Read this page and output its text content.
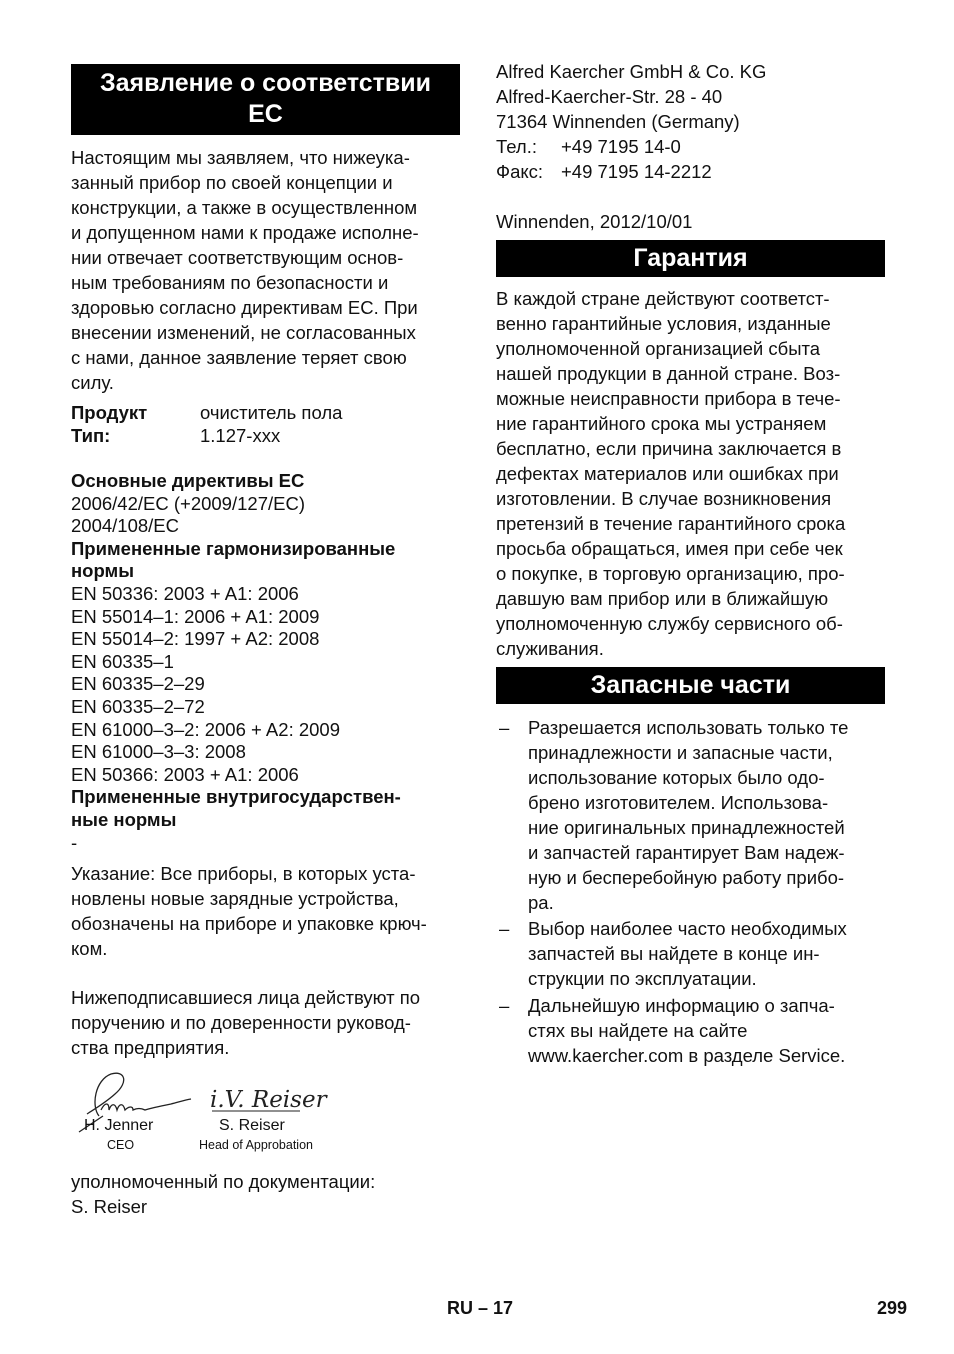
Заявление о соответствии
ЕС
Настоящим мы заявляем, что нижеука-
занный прибор по своей концепции и
конструкции, а также в осуществленном
и допущенном нами к продаже исполне-
нии отвечает соответствующим основ-
ным требованиям по безопасности и
здоровью согласно директивам ЕС. При
внесении изменений, не согласованных
с нами, данное заявление теряет свою
силу.
Продукт	очиститель пола
Тип:	1.127-xxx
Основные директивы ЕС
2006/42/EC (+2009/127/EC)
2004/108/EC
Примененные гармонизированные
нормы
EN 50336: 2003 + A1: 2006
EN 55014–1: 2006 + A1: 2009
EN 55014–2: 1997 + A2: 2008
EN 60335–1
EN 60335–2–29
EN 60335–2–72
EN 61000–3–2: 2006 + A2: 2009
EN 61000–3–3: 2008
EN 50366: 2003 + A1: 2006
Примененные внутригосударствен-
ные нормы
-
Указание: Все приборы, в которых уста-
новлены новые зарядные устройства,
обозначены на приборе и упаковке крюч-
ком.
Нижеподписавшиеся лица действуют по
поручению и по доверенности руковод-
ства предприятия.
i.V. Reiser
H. Jenner
CEO
S. Reiser
Head of Approbation
уполномоченный по документации:
S. Reiser
Alfred Kaercher GmbH & Co. KG
Alfred-Kaercher-Str. 28 - 40
71364 Winnenden (Germany)
Тел.: +49 7195 14-0
Факс: +49 7195 14-2212
Winnenden, 2012/10/01
Гарантия
В каждой стране действуют соответст-
венно гарантийные условия, изданные
уполномоченной организацией сбыта
нашей продукции в данной стране. Воз-
можные неисправности прибора в тече-
ние гарантийного срока мы устраняем
бесплатно, если причина заключается в
дефектах материалов или ошибках при
изготовлении. В случае возникновения
претензий в течение гарантийного срока
просьба обращаться, имея при себе чек
о покупке, в торговую организацию, про-
давшую вам прибор или в ближайшую
уполномоченную службу сервисного об-
служивания.
Запасные части
– Разрешается использовать только те
принадлежности и запасные части,
использование которых было одо-
брено изготовителем. Использова-
ние оригинальных принадлежностей
и запчастей гарантирует Вам надеж-
ную и бесперебойную работу прибо-
ра.
– Выбор наиболее часто необходимых
запчастей вы найдете в конце ин-
струкции по эксплуатации.
– Дальнейшую информацию о запча-
стях вы найдете на сайте
www.kaercher.com в разделе Service.
RU – 17	299
